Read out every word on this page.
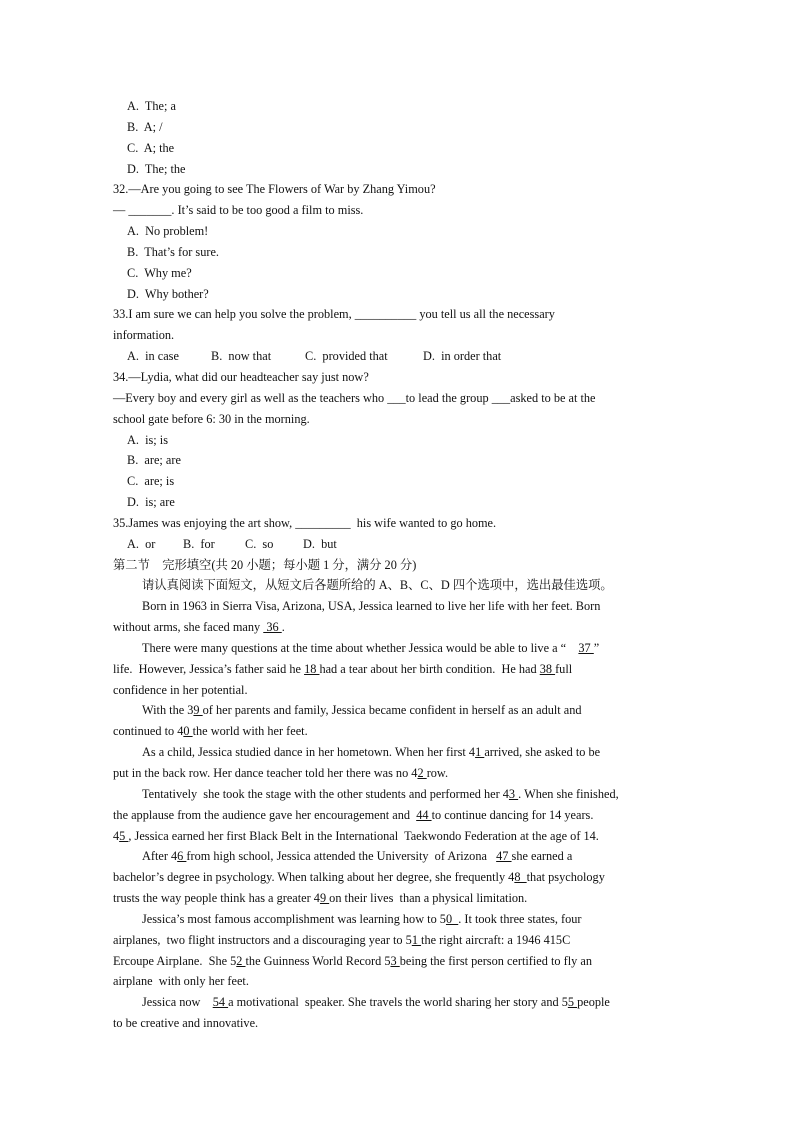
A.  The; a
B.  A; /
C.  A; the
D.  The; the
32.—Are you going to see The Flowers of War by Zhang Yimou?
— _______. It’s said to be too good a film to miss.
A.  No problem!
B.  That’s for sure.
C.  Why me?
D.  Why bother?
33.I am sure we can help you solve the problem, __________ you tell us all the necessary
information.
A.  in case	B.  now that	C.  provided that	D.  in order that
34.—Lydia, what did our headteacher say just now?
—Every boy and every girl as well as the teachers who ___to lead the group ___asked to be at the
school gate before 6: 30 in the morning.
A.  is; is
B.  are; are
C.  are; is
D.  is; are
35.James was enjoying the art show, _________  his wife wanted to go home.
A.  or B.  for C.  so D.  but
第二节    完形填空(共 20 小题；每小题 1 分，满分 20 分)
请认真阅读下面短文，从短文后各题所给的 A、B、C、D 四个选项中，选出最佳选项。
Born in 1963 in Sierra Visa, Arizona, USA, Jessica learned to live her life with her feet. Born
without arms, she faced many  36 .
There were many questions at the time about whether Jessica would be able to live a “    37 ”
life.  However, Jessica’s father said he 18 had a tear about her birth condition.  He had 38 full
confidence in her potential.
With the 39 of her parents and family, Jessica became confident in herself as an adult and
continued to 40 the world with her feet.
As a child, Jessica studied dance in her hometown. When her first 41 arrived, she asked to be
put in the back row. Her dance teacher told her there was no 42 row.
Tentatively  she took the stage with the other students and performed her 43 . When she finished,
the applause from the audience gave her encouragement and  44 to continue dancing for 14 years.
45 , Jessica earned her first Black Belt in the International  Taekwondo Federation at the age of 14.
After 46 from high school, Jessica attended the University  of Arizona   47 she earned a
bachelor’s degree in psychology. When talking about her degree, she frequently 48  that psychology
trusts the way people think has a greater 49 on their lives  than a physical limitation.
Jessica’s most famous accomplishment was learning how to 50  . It took three states, four
airplanes,  two flight instructors and a discouraging year to 51 the right aircraft: a 1946 415C
Ercoupe Airplane.  She 52 the Guinness World Record 53 being the first person certified to fly an
airplane  with only her feet.
Jessica now    54 a motivational  speaker. She travels the world sharing her story and 55 people
to be creative and innovative.
